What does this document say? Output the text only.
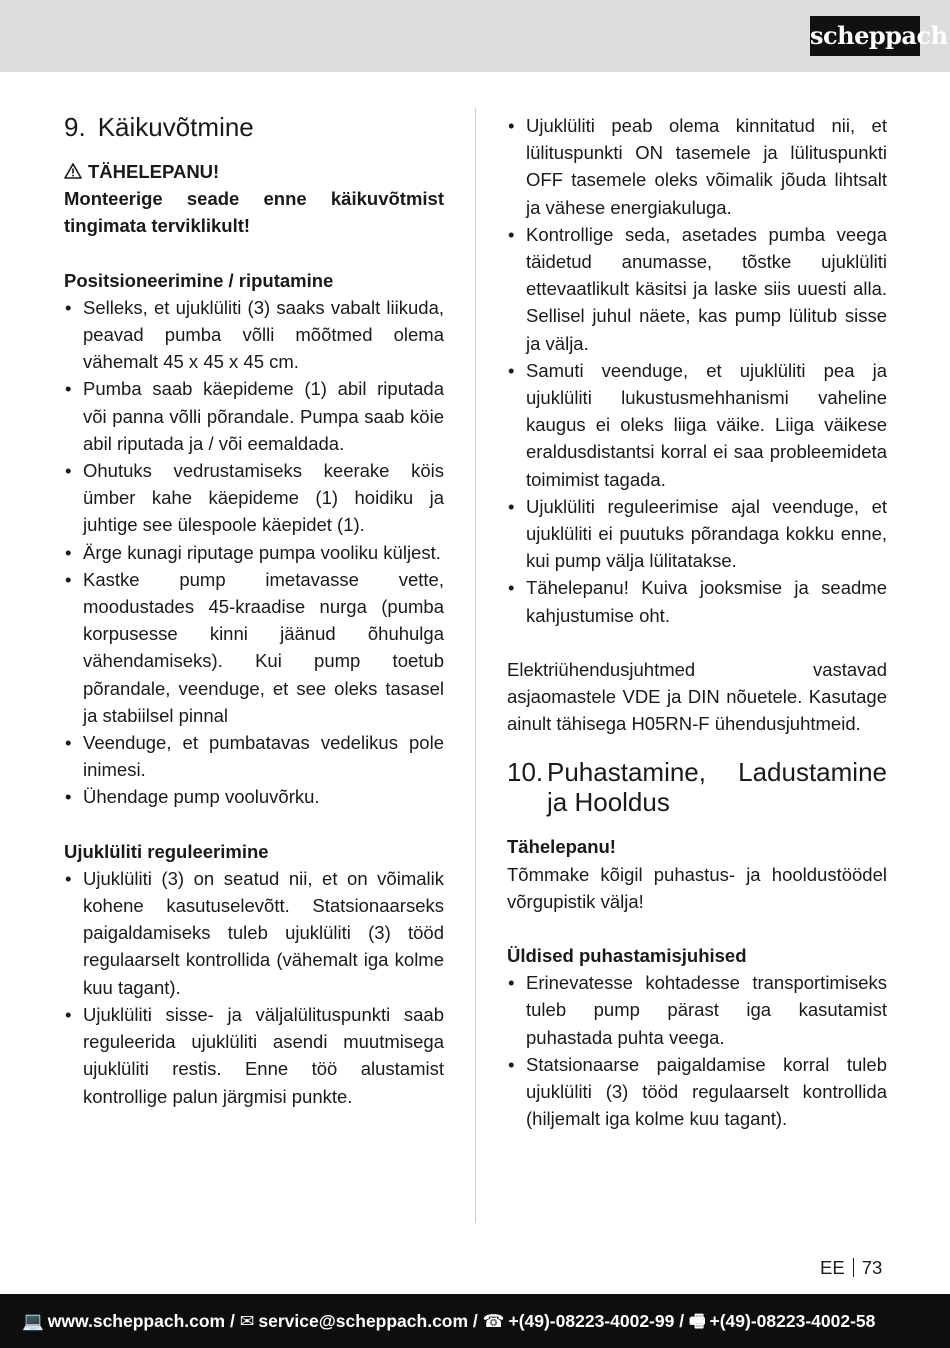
scheppach
9. Käikuvõtmine

TÄHELEPANU!

Monteerige seade enne käikuvõtmist tingimata terviklikult!

Positsioneerimine / riputamine

• Selleks, et ujuklüliti (3) saaks vabalt liikuda, peavad pumba võlli mõõtmed olema vähemalt 45 x 45 x 45 cm.
• Pumba saab käepideme (1) abil riputada või panna võlli põrandale. Pumpa saab köie abil riputada ja / või eemaldada.
• Ohutuks vedrustamiseks keerake köis ümber kahe käepideme (1) hoidiku ja juhtige see ülespoole käepidet (1).
• Ärge kunagi riputage pumpa vooliku küljest.
• Kastke pump imetavasse vette, moodustades 45-kraadise nurga (pumba korpusesse kinni jäänud õhuhulga vähendamiseks). Kui pump toetub põrandale, veenduge, et see oleks tasasel ja stabiilsel pinnal
• Veenduge, et pumbatavas vedelikus pole inimesi.
• Ühendage pump vooluvõrku.

Ujuklüliti reguleerimine

• Ujuklüliti (3) on seatud nii, et on võimalik kohene kasutuselevõtt. Statsionaarseks paigaldamiseks tuleb ujuklüliti (3) tööd regulaarselt kontrollida (vähemalt iga kolme kuu tagant).
• Ujuklüliti sisse- ja väljalülituspunkti saab reguleerida ujuklüliti asendi muutmisega ujuklüliti restis. Enne töö alustamist kontrollige palun järgmisi punkte.
• Ujuklüliti peab olema kinnitatud nii, et lülituspunkti ON tasemele ja lülituspunkti OFF tasemele oleks võimalik jõuda lihtsalt ja vähese energiakuluga.
• Kontrollige seda, asetades pumba veega täidetud anumasse, tõstke ujuklüliti ettevaatlikult käsitsi ja laske siis uuesti alla. Sellisel juhul näete, kas pump lülitub sisse ja välja.
• Samuti veenduge, et ujuklüliti pea ja ujuklüliti lukustusmehhanismi vaheline kaugus ei oleks liiga väike. Liiga väikese eraldusdistantsi korral ei saa probleemideta toimimist tagada.
• Ujuklüliti reguleerimise ajal veenduge, et ujuklüliti ei puutuks põrandaga kokku enne, kui pump välja lülitatakse.
• Tähelepanu! Kuiva jooksmise ja seadme kahjustumise oht.

Elektriühendusjuhtmed vastavad asjaomastele VDE ja DIN nõuetele. Kasutage ainult tähisega H05RN-F ühendusjuhtmeid.

10. Puhastamine, Ladustamine ja Hooldus

Tähelepanu!

Tõmmake kõigil puhastus- ja hooldustöödel võrgupistik välja!

Üldised puhastamisjuhised

• Erinevatesse kohtadesse transportimiseks tuleb pump pärast iga kasutamist puhastada puhta veega.
• Statsionaarse paigaldamise korral tuleb ujuklüliti (3) tööd regulaarselt kontrollida (hiljemalt iga kolme kuu tagant).
EE 73
💻 www.scheppach.com / ✉ service@scheppach.com / ☎ +(49)-08223-4002-99 / 🖷 +(49)-08223-4002-58
